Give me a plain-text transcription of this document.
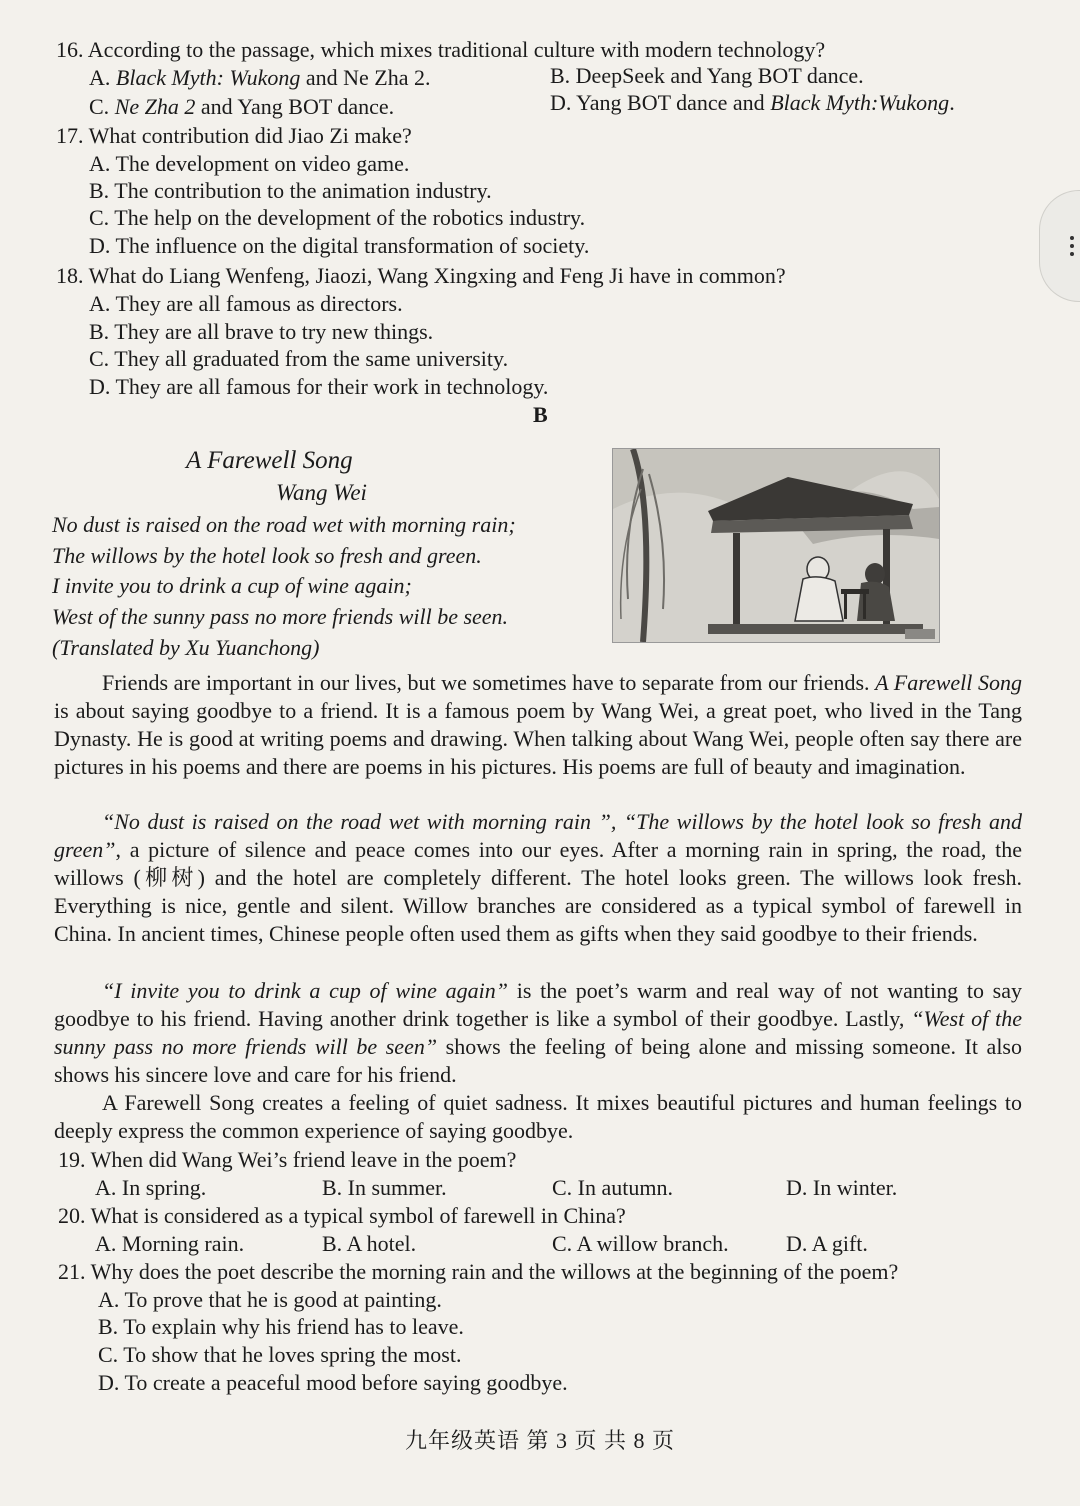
16. According to the passage, which mixes traditional culture with modern technology?
A. Black Myth: Wukong and Ne Zha 2.	B. DeepSeek and Yang BOT dance.
C. Ne Zha 2 and Yang BOT dance.	D. Yang BOT dance and Black Myth:Wukong.
17. What contribution did Jiao Zi make?
A. The development on video game.
B. The contribution to the animation industry.
C. The help on the development of the robotics industry.
D. The influence on the digital transformation of society.
18. What do Liang Wenfeng, Jiaozi, Wang Xingxing and Feng Ji have in common?
A. They are all famous as directors.
B. They are all brave to try new things.
C. They all graduated from the same university.
D. They are all famous for their work in technology.
B
A Farewell Song
Wang Wei
No dust is raised on the road wet with morning rain;
The willows by the hotel look so fresh and green.
I invite you to drink a cup of wine again;
West of the sunny pass no more friends will be seen.
(Translated by Xu Yuanchong)
Friends are important in our lives, but we sometimes have to separate from our friends. A Farewell Song is about saying goodbye to a friend. It is a famous poem by Wang Wei, a great poet, who lived in the Tang Dynasty. He is good at writing poems and drawing. When talking about Wang Wei, people often say there are pictures in his poems and there are poems in his pictures. His poems are full of beauty and imagination.
“No dust is raised on the road wet with morning rain ”, “The willows by the hotel look so fresh and green”, a picture of silence and peace comes into our eyes. After a morning rain in spring, the road, the willows (柳树) and the hotel are completely different. The hotel looks green. The willows look fresh. Everything is nice, gentle and silent. Willow branches are considered as a typical symbol of farewell in China. In ancient times, Chinese people often used them as gifts when they said goodbye to their friends.
“I invite you to drink a cup of wine again” is the poet’s warm and real way of not wanting to say goodbye to his friend. Having another drink together is like a symbol of their goodbye. Lastly, “West of the sunny pass no more friends will be seen” shows the feeling of being alone and missing someone. It also shows his sincere love and care for his friend.
A Farewell Song creates a feeling of quiet sadness. It mixes beautiful pictures and human feelings to deeply express the common experience of saying goodbye.
19. When did Wang Wei’s friend leave in the poem?
A. In spring.	B. In summer.	C. In autumn.	D. In winter.
20. What is considered as a typical symbol of farewell in China?
A. Morning rain.	B. A hotel.	C. A willow branch.	D. A gift.
21. Why does the poet describe the morning rain and the willows at the beginning of the poem?
A. To prove that he is good at painting.
B. To explain why his friend has to leave.
C. To show that he loves spring the most.
D. To create a peaceful mood before saying goodbye.
九年级英语 第 3 页 共 8 页
